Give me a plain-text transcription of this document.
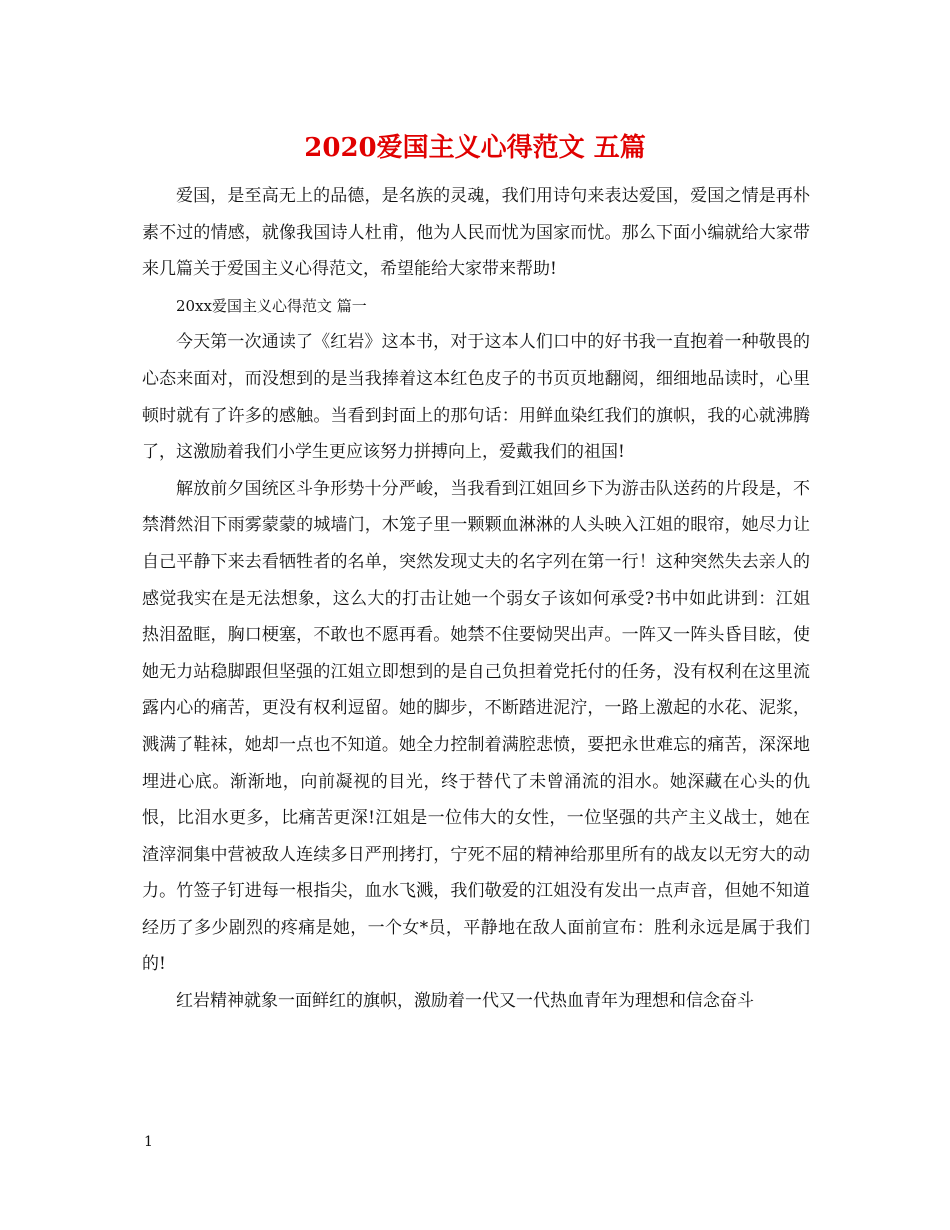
2020爱国主义心得范文 五篇

爱国，是至高无上的品德，是名族的灵魂，我们用诗句来表达爱国，爱国之情是再朴素不过的情感，就像我国诗人杜甫，他为人民而忧为国家而忧。那么下面小编就给大家带来几篇关于爱国主义心得范文，希望能给大家带来帮助!

20xx爱国主义心得范文 篇一

今天第一次通读了《红岩》这本书，对于这本人们口中的好书我一直抱着一种敬畏的心态来面对，而没想到的是当我捧着这本红色皮子的书页页地翻阅，细细地品读时，心里顿时就有了许多的感触。当看到封面上的那句话：用鲜血染红我们的旗帜，我的心就沸腾了，这激励着我们小学生更应该努力拼搏向上，爱戴我们的祖国!

解放前夕国统区斗争形势十分严峻，当我看到江姐回乡下为游击队送药的片段是，不禁潸然泪下雨雾蒙蒙的城墙门，木笼子里一颗颗血淋淋的人头映入江姐的眼帘，她尽力让自己平静下来去看牺牲者的名单，突然发现丈夫的名字列在第一行！这种突然失去亲人的感觉我实在是无法想象，这么大的打击让她一个弱女子该如何承受?书中如此讲到：江姐热泪盈眶，胸口梗塞，不敢也不愿再看。她禁不住要恸哭出声。一阵又一阵头昏目眩，使她无力站稳脚跟但坚强的江姐立即想到的是自己负担着党托付的任务，没有权利在这里流露内心的痛苦，更没有权利逗留。她的脚步，不断踏进泥泞，一路上激起的水花、泥浆，溅满了鞋袜，她却一点也不知道。她全力控制着满腔悲愤，要把永世难忘的痛苦，深深地埋进心底。渐渐地，向前凝视的目光，终于替代了未曾涌流的泪水。她深藏在心头的仇恨，比泪水更多，比痛苦更深!江姐是一位伟大的女性，一位坚强的共产主义战士，她在渣滓洞集中营被敌人连续多日严刑拷打，宁死不屈的精神给那里所有的战友以无穷大的动力。竹签子钉进每一根指尖，血水飞溅，我们敬爱的江姐没有发出一点声音，但她不知道经历了多少剧烈的疼痛是她，一个女*员，平静地在敌人面前宣布：胜利永远是属于我们的!

红岩精神就象一面鲜红的旗帜，激励着一代又一代热血青年为理想和信念奋斗

1
